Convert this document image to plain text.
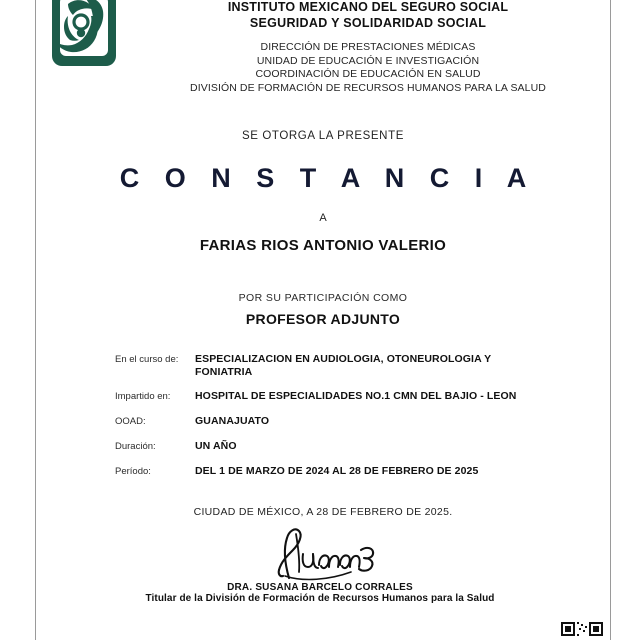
INSTITUTO MEXICANO DEL SEGURO SOCIAL
SEGURIDAD Y SOLIDARIDAD SOCIAL
DIRECCIÓN DE PRESTACIONES MÉDICAS
UNIDAD DE EDUCACIÓN E INVESTIGACIÓN
COORDINACIÓN DE EDUCACIÓN EN SALUD
DIVISIÓN DE FORMACIÓN DE RECURSOS HUMANOS PARA LA SALUD
SE OTORGA LA PRESENTE
C O N S T A N C I A
A
FARIAS RIOS ANTONIO VALERIO
POR SU PARTICIPACIÓN COMO
PROFESOR ADJUNTO
En el curso de:	ESPECIALIZACION EN AUDIOLOGIA, OTONEUROLOGIA Y FONIATRIA
Impartido en:	HOSPITAL DE ESPECIALIDADES NO.1 CMN DEL BAJIO - LEON
OOAD:	GUANAJUATO
Duración:	UN AÑO
Período:	DEL 1 DE MARZO DE 2024 AL 28 DE FEBRERO DE 2025
CIUDAD DE MÉXICO, A 28 DE FEBRERO DE 2025.
DRA. SUSANA BARCELO CORRALES
Titular de la División de Formación de Recursos Humanos para la Salud
